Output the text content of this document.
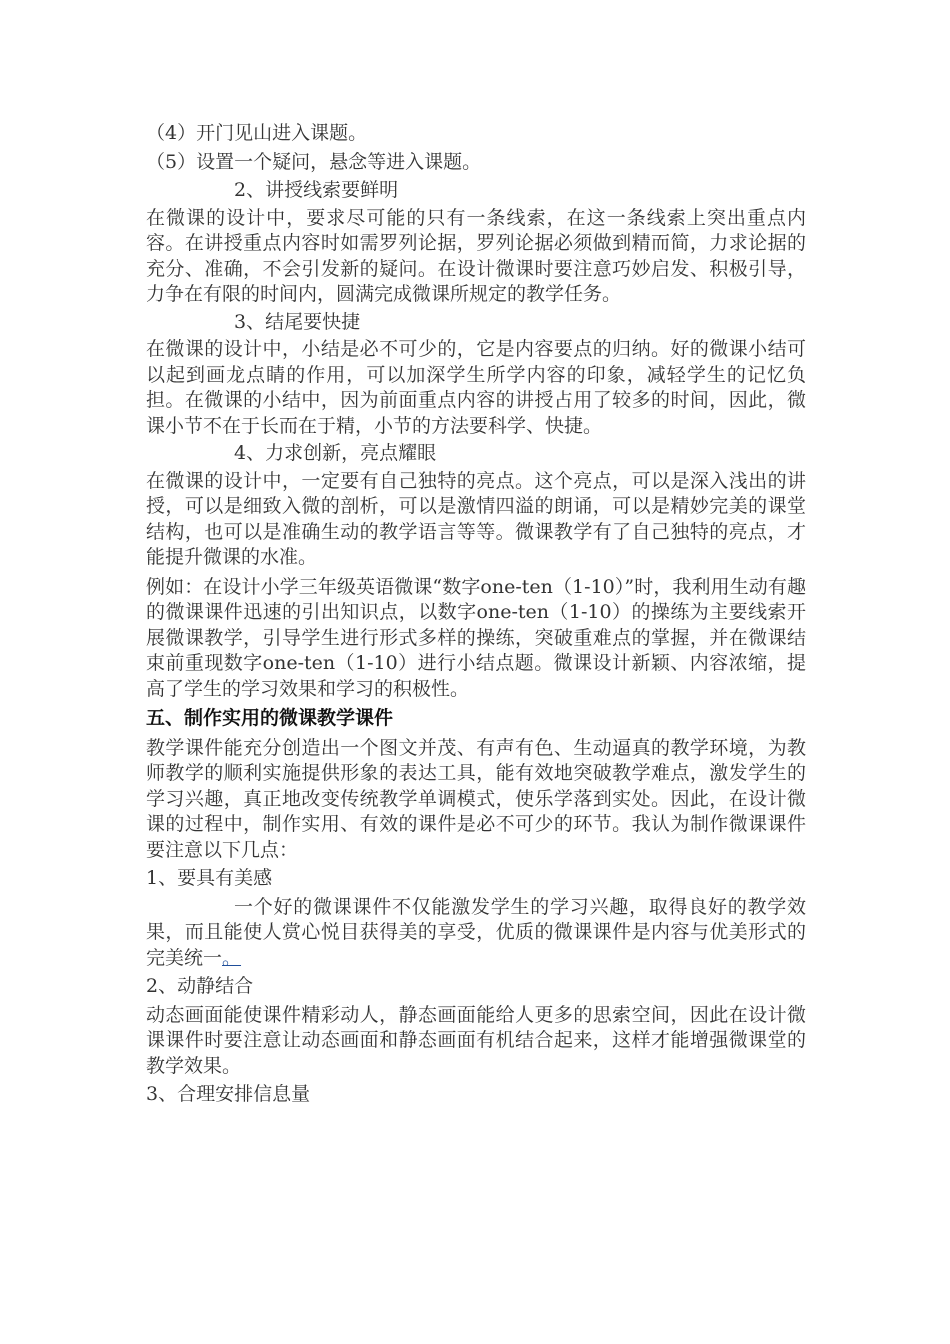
（4）开门见山进入课题。

（5）设置一个疑问，悬念等进入课题。

2、讲授线索要鲜明

在微课的设计中，要求尽可能的只有一条线索，在这一条线索上突出重点内容。在讲授重点内容时如需罗列论据，罗列论据必须做到精而简，力求论据的充分、准确，不会引发新的疑问。在设计微课时要注意巧妙启发、积极引导，力争在有限的时间内，圆满完成微课所规定的教学任务。

3、结尾要快捷

在微课的设计中，小结是必不可少的，它是内容要点的归纳。好的微课小结可以起到画龙点睛的作用，可以加深学生所学内容的印象，减轻学生的记忆负担。在微课的小结中，因为前面重点内容的讲授占用了较多的时间，因此，微课小节不在于长而在于精，小节的方法要科学、快捷。

4、力求创新，亮点耀眼

在微课的设计中，一定要有自己独特的亮点。这个亮点，可以是深入浅出的讲授，可以是细致入微的剖析，可以是激情四溢的朗诵，可以是精妙完美的课堂结构，也可以是准确生动的教学语言等等。微课教学有了自己独特的亮点，才能提升微课的水准。

例如：在设计小学三年级英语微课“数字one-ten（1-10）”时，我利用生动有趣的微课课件迅速的引出知识点，以数字one-ten（1-10）的操练为主要线索开展微课教学，引导学生进行形式多样的操练，突破重难点的掌握，并在微课结束前重现数字one-ten（1-10）进行小结点题。微课设计新颖、内容浓缩，提高了学生的学习效果和学习的积极性。

五、制作实用的微课教学课件

教学课件能充分创造出一个图文并茂、有声有色、生动逼真的教学环境，为教师教学的顺利实施提供形象的表达工具，能有效地突破教学难点，激发学生的学习兴趣，真正地改变传统教学单调模式，使乐学落到实处。因此，在设计微课的过程中，制作实用、有效的课件是必不可少的环节。我认为制作微课课件要注意以下几点：

1、要具有美感

一个好的微课课件不仅能激发学生的学习兴趣，取得良好的教学效果，而且能使人赏心悦目获得美的享受，优质的微课课件是内容与优美形式的完美统一。

2、动静结合

动态画面能使课件精彩动人，静态画面能给人更多的思索空间，因此在设计微课课件时要注意让动态画面和静态画面有机结合起来，这样才能增强微课堂的教学效果。

3、合理安排信息量
